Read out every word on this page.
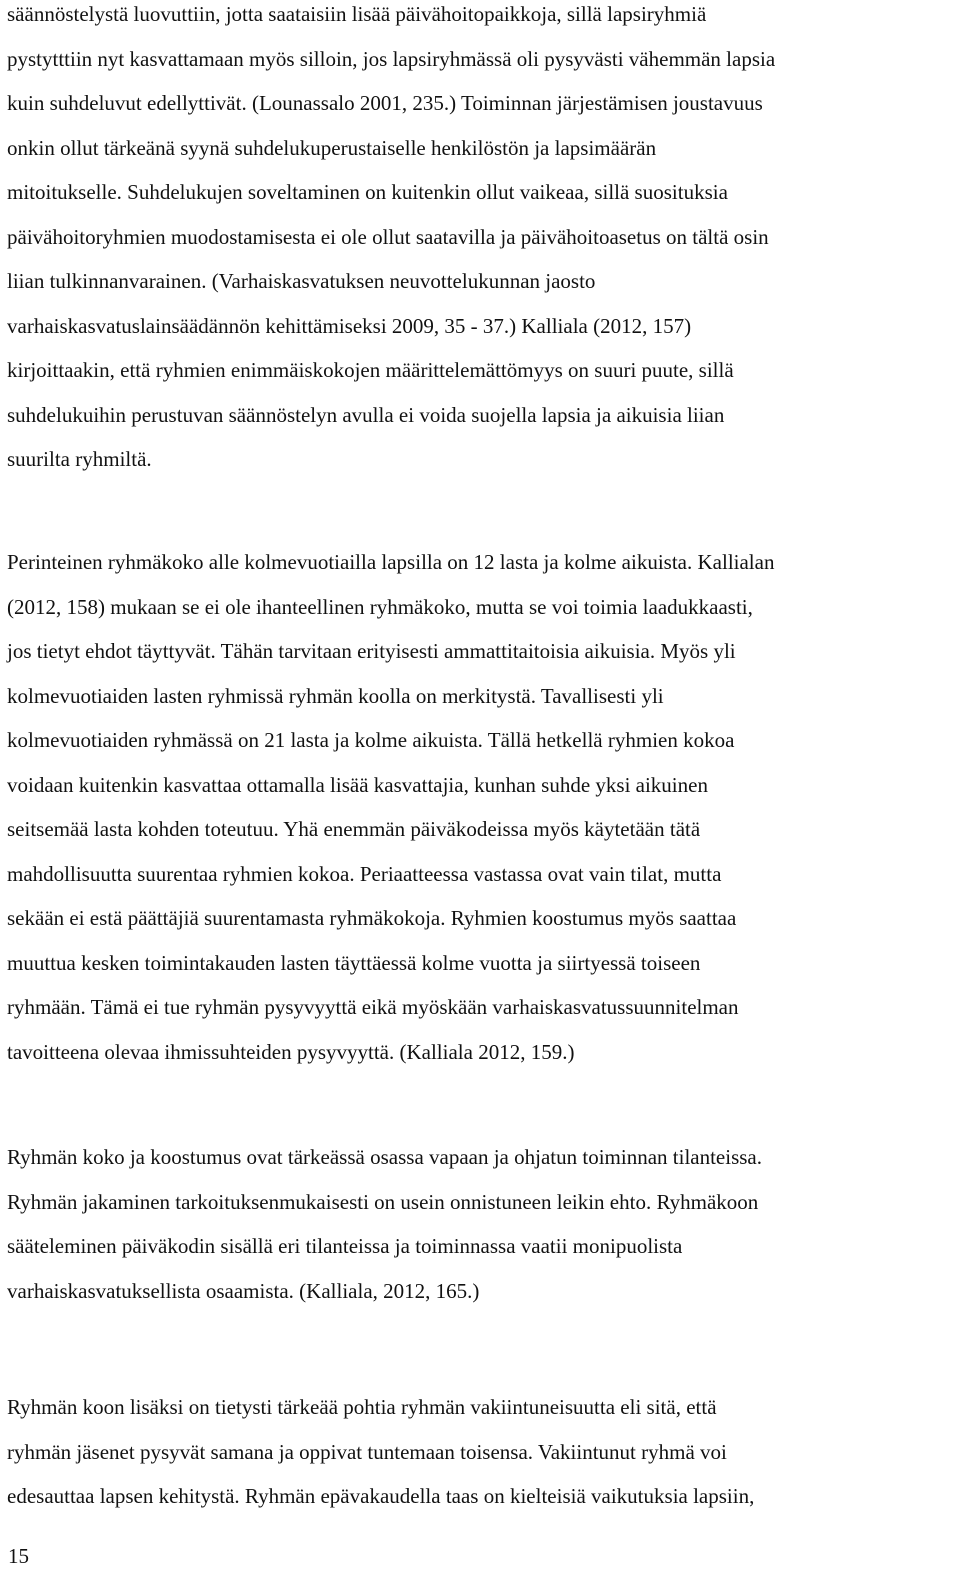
säännöstelystä luovuttiin, jotta saataisiin lisää päivähoitopaikkoja, sillä lapsiryhmiä
pystytttiin nyt kasvattamaan myös silloin, jos lapsiryhmässä oli pysyvästi vähemmän lapsia
kuin suhdeluvut edellyttivät. (Lounassalo 2001, 235.) Toiminnan järjestämisen joustavuus
onkin ollut tärkeänä syynä suhdelukuperustaiselle henkilöstön ja lapsimäärän
mitoitukselle. Suhdelukujen soveltaminen on kuitenkin ollut vaikeaa, sillä suosituksia
päivähoitoryhmien muodostamisesta ei ole ollut saatavilla ja päivähoitoasetus on tältä osin
liian tulkinnanvarainen. (Varhaiskasvatuksen neuvottelukunnan jaosto
varhaiskasvatuslainsäädännön kehittämiseksi 2009, 35 - 37.) Kalliala (2012, 157)
kirjoittaakin, että ryhmien enimmäiskokojen määrittelemättömyys on suuri puute, sillä
suhdelukuihin perustuvan säännöstelyn avulla ei voida suojella lapsia ja aikuisia liian
suurilta ryhmiltä.

Perinteinen ryhmäkoko alle kolmevuotiailla lapsilla on 12 lasta ja kolme aikuista. Kallialan
(2012, 158) mukaan se ei ole ihanteellinen ryhmäkoko, mutta se voi toimia laadukkaasti,
jos tietyt ehdot täyttyvät. Tähän tarvitaan erityisesti ammattitaitoisia aikuisia. Myös yli
kolmevuotiaiden lasten ryhmissä ryhmän koolla on merkitystä. Tavallisesti yli
kolmevuotiaiden ryhmässä on 21 lasta ja kolme aikuista. Tällä hetkellä ryhmien kokoa
voidaan kuitenkin kasvattaa ottamalla lisää kasvattajia, kunhan suhde yksi aikuinen
seitsemää lasta kohden toteutuu. Yhä enemmän päiväkodeissa myös käytetään tätä
mahdollisuutta suurentaa ryhmien kokoa. Periaatteessa vastassa ovat vain tilat, mutta
sekään ei estä päättäjiä suurentamasta ryhmäkokoja. Ryhmien koostumus myös saattaa
muuttua kesken toimintakauden lasten täyttäessä kolme vuotta ja siirtyessä toiseen
ryhmään. Tämä ei tue ryhmän pysyvyyttä eikä myöskään varhaiskasvatussuunnitelman
tavoitteena olevaa ihmissuhteiden pysyvyyttä. (Kalliala 2012, 159.)

Ryhmän koko ja koostumus ovat tärkeässä osassa vapaan ja ohjatun toiminnan tilanteissa.
Ryhmän jakaminen tarkoituksenmukaisesti on usein onnistuneen leikin ehto. Ryhmäkoon
sääteleminen päiväkodin sisällä eri tilanteissa ja toiminnassa vaatii monipuolista
varhaiskasvatuksellista osaamista. (Kalliala, 2012, 165.)

Ryhmän koon lisäksi on tietysti tärkeää pohtia ryhmän vakiintuneisuutta eli sitä, että
ryhmän jäsenet pysyvät samana ja oppivat tuntemaan toisensa. Vakiintunut ryhmä voi
edesauttaa lapsen kehitystä. Ryhmän epävakaudella taas on kielteisiä vaikutuksia lapsiin,

15
